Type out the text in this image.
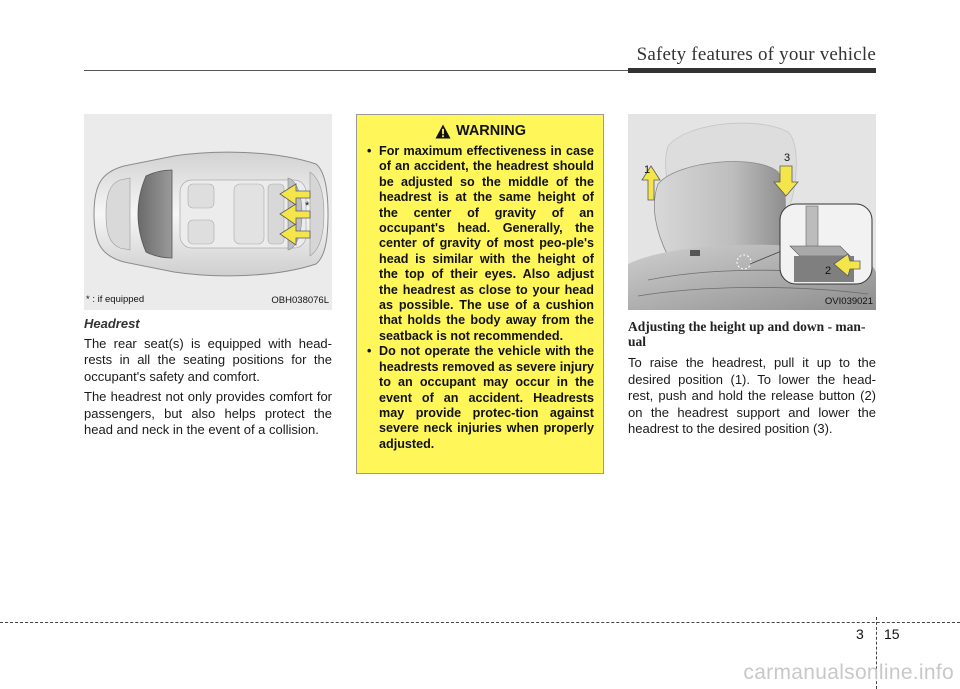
Safety features of your vehicle
*
* : if equipped	OBH038076L
Headrest

The rear seat(s) is equipped with head-rests in all the seating positions for the occupant's safety and comfort.

The headrest not only provides comfort for passengers, but also helps protect the head and neck in the event of a collision.

WARNING
• For maximum effectiveness in case of an accident, the headrest should be adjusted so the middle of the headrest is at the same height of the center of gravity of an occupant's head. Generally, the center of gravity of most peo-ple's head is similar with the height of the top of their eyes. Also adjust the headrest as close to your head as possible. The use of a cushion that holds the body away from the seatback is not recommended.
• Do not operate the vehicle with the headrests removed as severe injury to an occupant may occur in the event of an accident. Headrests may provide protec-tion against severe neck injuries when properly adjusted.
1
2
3
OVI039021
Adjusting the height up and down - man-ual

To raise the headrest, pull it up to the desired position (1). To lower the head-rest, push and hold the release button (2) on the headrest support and lower the headrest to the desired position (3).

3 15
carmanualsonline.info
